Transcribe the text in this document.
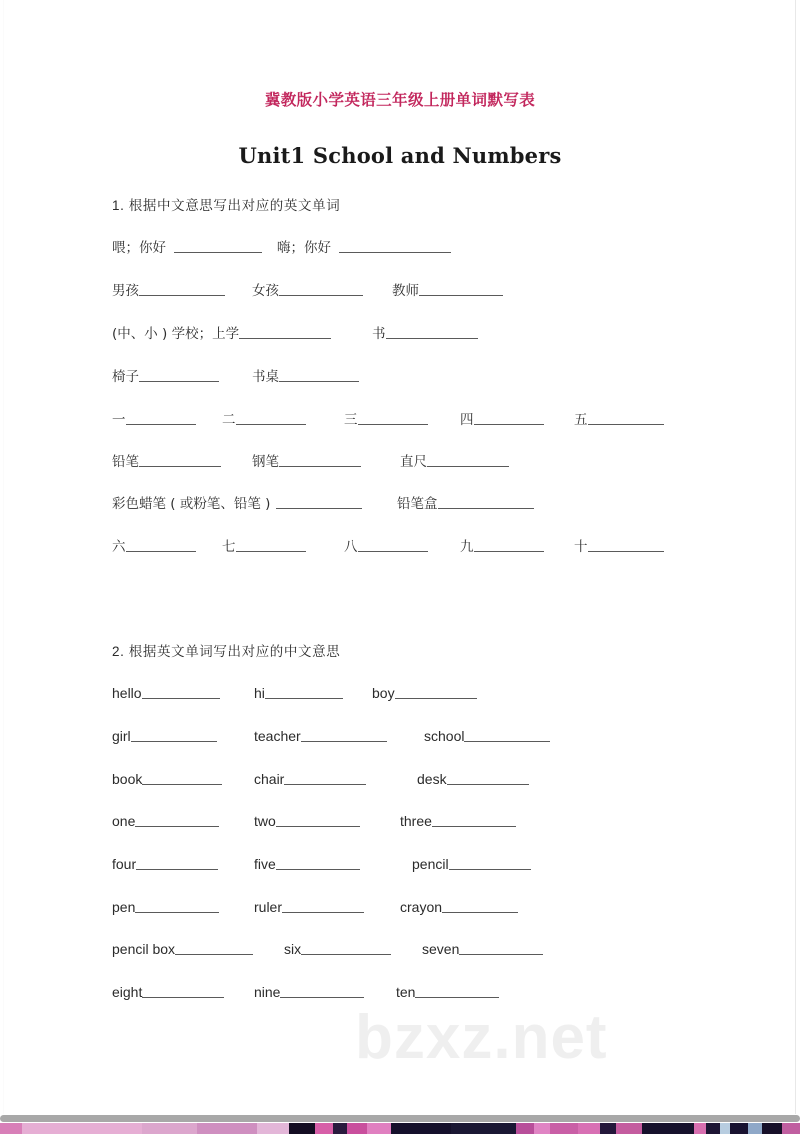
冀教版小学英语三年级上册单词默写表
Unit1 School and Numbers
1. 根据中文意思写出对应的英文单词
2. 根据英文单词写出对应的中文意思
喂；你好	嗨；你好
男孩	女孩	教师
(中、小 ) 学校；上学	书
椅子	书桌
一	二	三	四	五
铅笔	钢笔	直尺
彩色蜡笔 ( 或粉笔、铅笔 )	铅笔盒
六	七	八	九	十
hello	hi	boy
girl	teacher	school
book	chair	desk
one	two	three
four	five	pencil
pen	ruler	crayon
pencil box	six	seven
eight	nine	ten
bzxz.net
